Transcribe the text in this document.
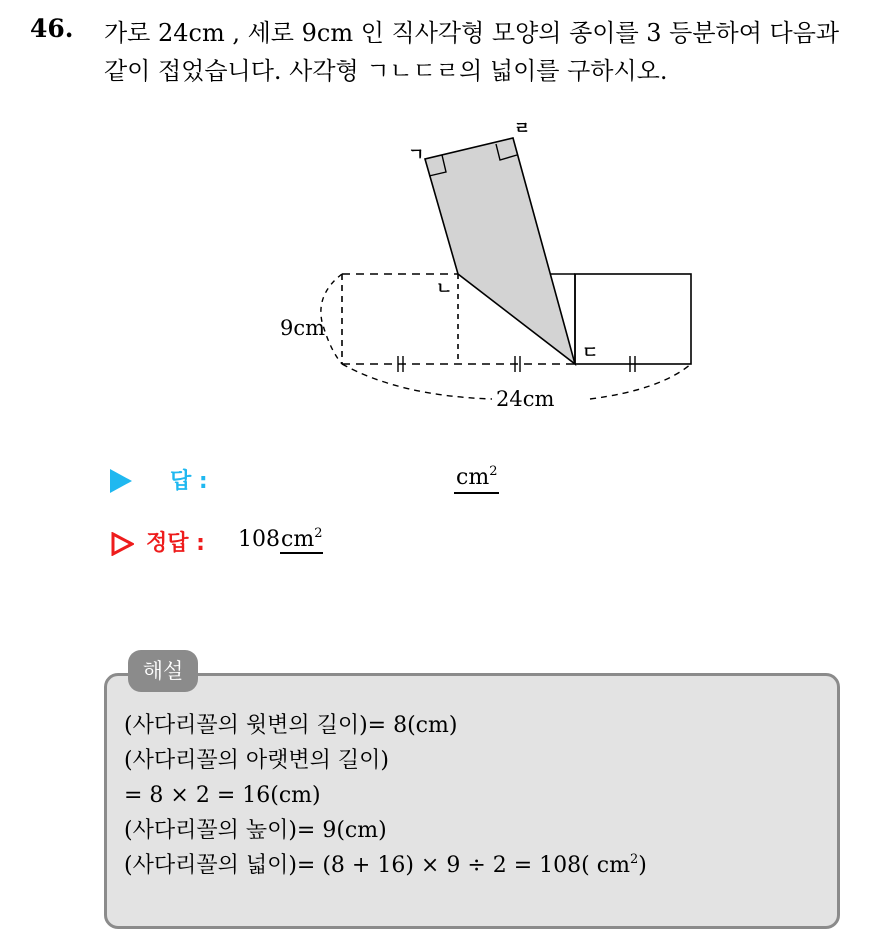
46. 가로 24cm , 세로 9cm 인 직사각형 모양의 종이를 3 등분하여 다음과
같이 접었습니다. 사각형 ㄱㄴㄷㄹ의 넓이를 구하시오.
ㄱ
ㄴ
ㄷ
ㄹ
9cm
24cm
답 :	$cm^2$
정답 : $108cm^2$
해설
(사다리꼴의 윗변의 길이)= 8(cm)
(사다리꼴의 아랫변의 길이)
= 8 × 2 = 16(cm)
(사다리꼴의 높이)= 9(cm)
(사다리꼴의 넓이)= (8 + 16) × 9 ÷ 2 = 108( $cm^2$)
